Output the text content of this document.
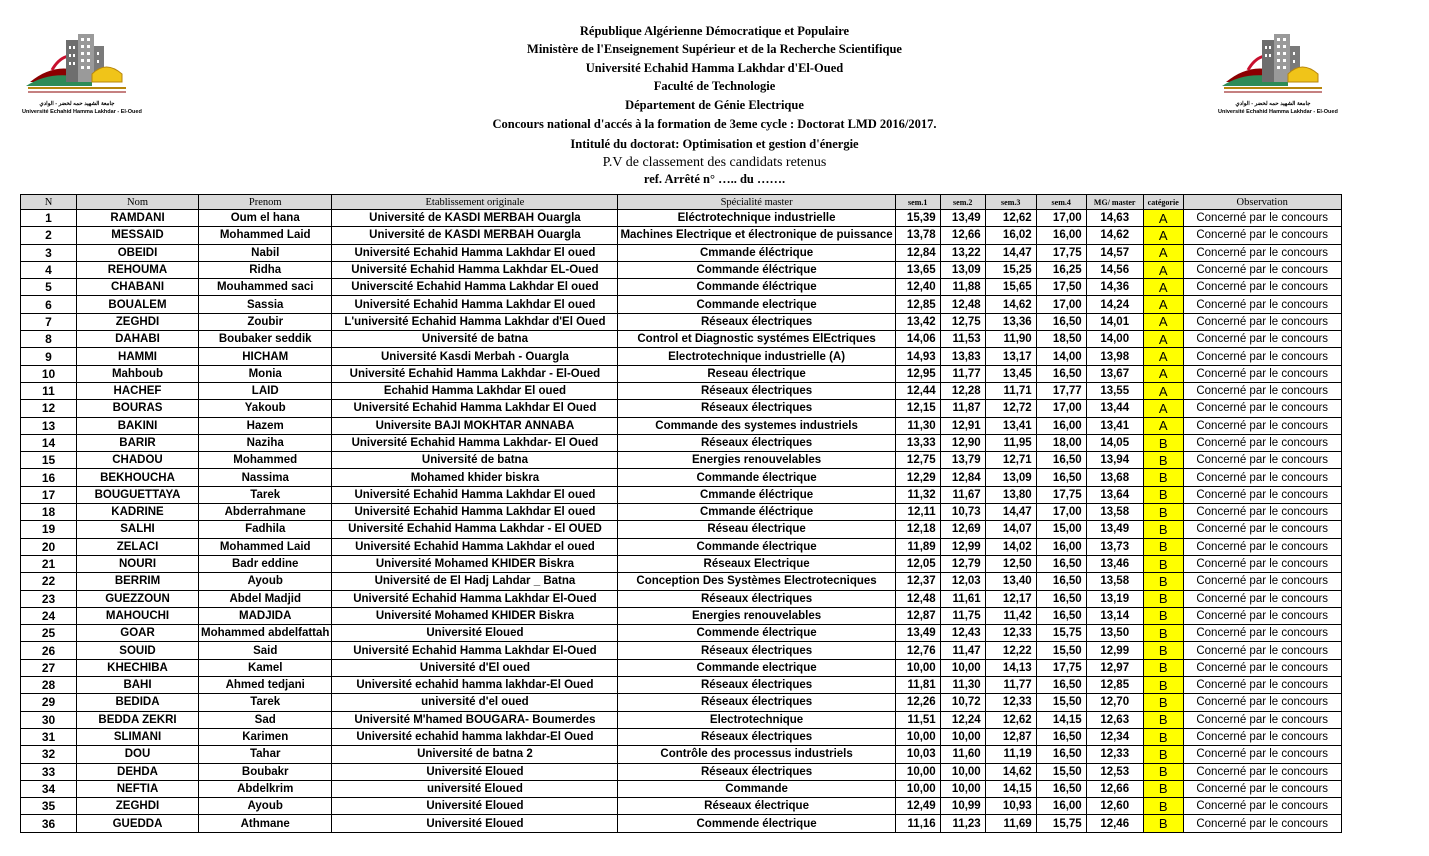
جامعة الشهيد حمه لخضر - الوادي
Université Echahid Hamma Lakhdar - El-Oued
جامعة الشهيد حمه لخضر - الوادي
Université Echahid Hamma Lakhdar - El-Oued
République Algérienne Démocratique et Populaire
Ministère de l'Enseignement Supérieur et de la Recherche Scientifique
Université Echahid Hamma Lakhdar d'El-Oued
Faculté de Technologie
Département de Génie Electrique
Concours national d'accés à la formation de 3eme cycle : Doctorat LMD 2016/2017.
Intitulé du doctorat: Optimisation et gestion d'énergie
P.V de classement des candidats retenus
ref. Arrêté n° ….. du …….
N	Nom	Prenom	Etablissement originale	Spécialité master	sem.1	sem.2	sem.3	sem.4	MG/ master	catégorie	Observation
1	RAMDANI	Oum el hana	Université de KASDI MERBAH Ouargla	Eléctrotechnique industrielle	15,39	13,49	12,62	17,00	14,63	A	Concerné par le concours
2	MESSAID	Mohammed Laid	Université de KASDI MERBAH Ouargla	Machines Electrique et électronique de puissance	13,78	12,66	16,02	16,00	14,62	A	Concerné par le concours
3	OBEIDI	Nabil	Université Echahid Hamma Lakhdar El oued	Cmmande éléctrique	12,84	13,22	14,47	17,75	14,57	A	Concerné par le concours
4	REHOUMA	Ridha	Université Echahid Hamma Lakhdar EL-Oued	Commande éléctrique	13,65	13,09	15,25	16,25	14,56	A	Concerné par le concours
5	CHABANI	Mouhammed saci	Universcité Echahid Hamma Lakhdar El oued	Commande éléctrique	12,40	11,88	15,65	17,50	14,36	A	Concerné par le concours
6	BOUALEM	Sassia	Université Echahid Hamma Lakhdar El oued	Commande electrique	12,85	12,48	14,62	17,00	14,24	A	Concerné par le concours
7	ZEGHDI	Zoubir	L'université Echahid Hamma Lakhdar d'El Oued	Réseaux électriques	13,42	12,75	13,36	16,50	14,01	A	Concerné par le concours
8	DAHABI	Boubaker seddik	Université de batna	Control et Diagnostic systémes ElEctriques	14,06	11,53	11,90	18,50	14,00	A	Concerné par le concours
9	HAMMI	HICHAM	Université Kasdi Merbah - Ouargla	Electrotechnique industrielle (A)	14,93	13,83	13,17	14,00	13,98	A	Concerné par le concours
10	Mahboub	Monia	Université Echahid Hamma Lakhdar - El-Oued	Reseau électrique	12,95	11,77	13,45	16,50	13,67	A	Concerné par le concours
11	HACHEF	LAID	Echahid Hamma Lakhdar El oued	Réseaux électriques	12,44	12,28	11,71	17,77	13,55	A	Concerné par le concours
12	BOURAS	Yakoub	Université Echahid Hamma Lakhdar El Oued	Réseaux électriques	12,15	11,87	12,72	17,00	13,44	A	Concerné par le concours
13	BAKINI	Hazem	Universite BAJI MOKHTAR ANNABA	Commande des systemes industriels	11,30	12,91	13,41	16,00	13,41	A	Concerné par le concours
14	BARIR	Naziha	Université Echahid Hamma Lakhdar- El Oued	Réseaux électriques	13,33	12,90	11,95	18,00	14,05	B	Concerné par le concours
15	CHADOU	Mohammed	Université de batna	Energies renouvelables	12,75	13,79	12,71	16,50	13,94	B	Concerné par le concours
16	BEKHOUCHA	Nassima	Mohamed khider biskra	Commande électrique	12,29	12,84	13,09	16,50	13,68	B	Concerné par le concours
17	BOUGUETTAYA	Tarek	Université Echahid Hamma Lakhdar El oued	Cmmande éléctrique	11,32	11,67	13,80	17,75	13,64	B	Concerné par le concours
18	KADRINE	Abderrahmane	Université Echahid Hamma Lakhdar El oued	Cmmande éléctrique	12,11	10,73	14,47	17,00	13,58	B	Concerné par le concours
19	SALHI	Fadhila	Université Echahid Hamma Lakhdar - El OUED	Réseau électrique	12,18	12,69	14,07	15,00	13,49	B	Concerné par le concours
20	ZELACI	Mohammed Laid	Université Echahid Hamma Lakhdar el oued	Commande électrique	11,89	12,99	14,02	16,00	13,73	B	Concerné par le concours
21	NOURI	Badr eddine	Université Mohamed KHIDER Biskra	Réseaux Electrique	12,05	12,79	12,50	16,50	13,46	B	Concerné par le concours
22	BERRIM	Ayoub	Université de El Hadj Lahdar _ Batna	Conception Des Systèmes Electrotecniques	12,37	12,03	13,40	16,50	13,58	B	Concerné par le concours
23	GUEZZOUN	Abdel Madjid	Université Echahid Hamma Lakhdar El-Oued	Réseaux électriques	12,48	11,61	12,17	16,50	13,19	B	Concerné par le concours
24	MAHOUCHI	MADJIDA	Université Mohamed KHIDER Biskra	Energies renouvelables	12,87	11,75	11,42	16,50	13,14	B	Concerné par le concours
25	GOAR	Mohammed abdelfattah	Université Eloued	Commende électrique	13,49	12,43	12,33	15,75	13,50	B	Concerné par le concours
26	SOUID	Said	Université Echahid Hamma Lakhdar El-Oued	Réseaux électriques	12,76	11,47	12,22	15,50	12,99	B	Concerné par le concours
27	KHECHIBA	Kamel	Université d'El oued	Commande electrique	10,00	10,00	14,13	17,75	12,97	B	Concerné par le concours
28	BAHI	Ahmed tedjani	Université echahid hamma lakhdar-El Oued	Réseaux électriques	11,81	11,30	11,77	16,50	12,85	B	Concerné par le concours
29	BEDIDA	Tarek	université d'el oued	Réseaux électriques	12,26	10,72	12,33	15,50	12,70	B	Concerné par le concours
30	BEDDA ZEKRI	Sad	Université M'hamed BOUGARA- Boumerdes	Electrotechnique	11,51	12,24	12,62	14,15	12,63	B	Concerné par le concours
31	SLIMANI	Karimen	Université echahid hamma lakhdar-El Oued	Réseaux électriques	10,00	10,00	12,87	16,50	12,34	B	Concerné par le concours
32	DOU	Tahar	Université de batna 2	Contrôle des processus industriels	10,03	11,60	11,19	16,50	12,33	B	Concerné par le concours
33	DEHDA	Boubakr	Université Eloued	Réseaux électriques	10,00	10,00	14,62	15,50	12,53	B	Concerné par le concours
34	NEFTIA	Abdelkrim	université Eloued	Commande	10,00	10,00	14,15	16,50	12,66	B	Concerné par le concours
35	ZEGHDI	Ayoub	Université Eloued	Réseaux électrique	12,49	10,99	10,93	16,00	12,60	B	Concerné par le concours
36	GUEDDA	Athmane	Université Eloued	Commende électrique	11,16	11,23	11,69	15,75	12,46	B	Concerné par le concours
